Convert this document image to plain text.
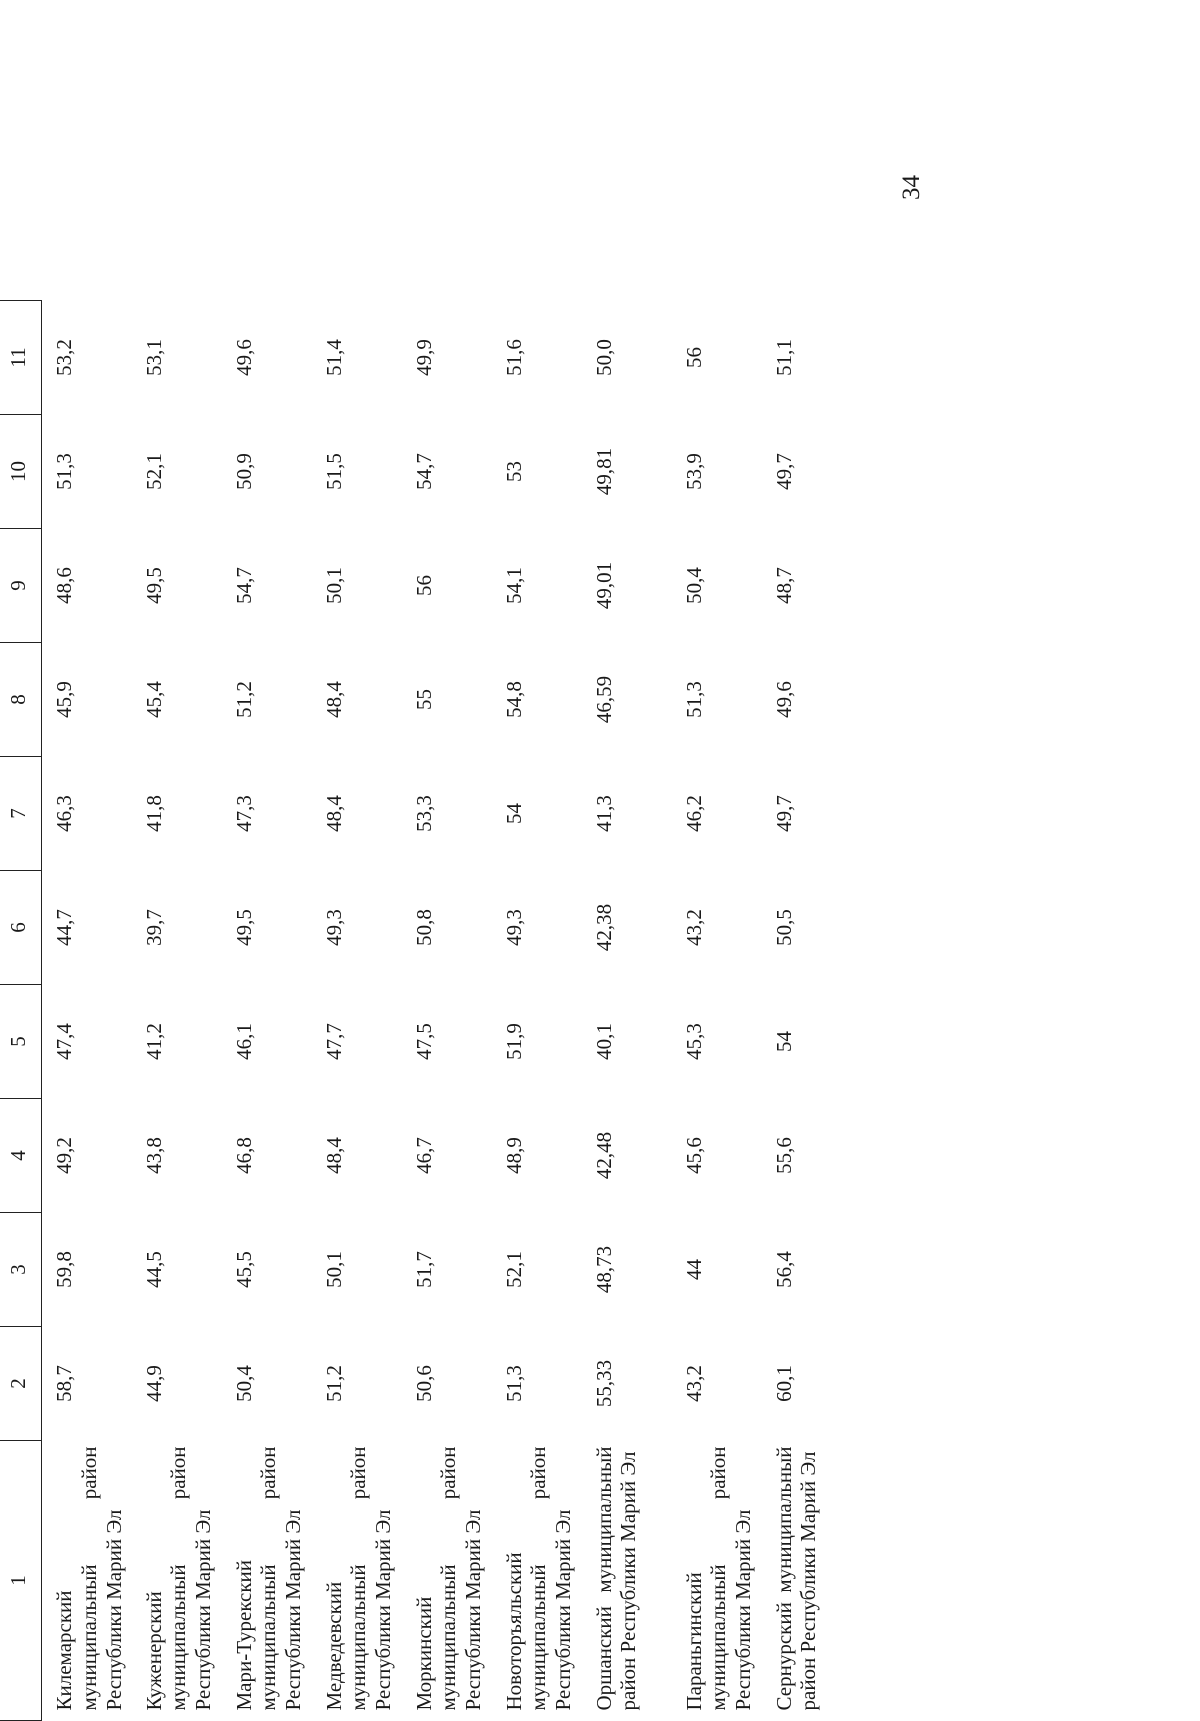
34
1	2	3	4	5	6	7	8	9	10	11
Килемарский муниципальный район Республики Марий Эл	58,7	59,8	49,2	47,4	44,7	46,3	45,9	48,6	51,3	53,2
Куженерский муниципальный район Республики Марий Эл	44,9	44,5	43,8	41,2	39,7	41,8	45,4	49,5	52,1	53,1
Мари-Турекский муниципальный район Республики Марий Эл	50,4	45,5	46,8	46,1	49,5	47,3	51,2	54,7	50,9	49,6
Медведевский муниципальный район Республики Марий Эл	51,2	50,1	48,4	47,7	49,3	48,4	48,4	50,1	51,5	51,4
Моркинский муниципальный район Республики Марий Эл	50,6	51,7	46,7	47,5	50,8	53,3	55	56	54,7	49,9
Новоторъяльский муниципальный район Республики Марий Эл	51,3	52,1	48,9	51,9	49,3	54	54,8	54,1	53	51,6
Оршанский муниципальный район Республики Марий Эл	55,33	48,73	42,48	40,1	42,38	41,3	46,59	49,01	49,81	50,0
Параньгинский муниципальный район Республики Марий Эл	43,2	44	45,6	45,3	43,2	46,2	51,3	50,4	53,9	56
Сернурский муниципальный район Республики Марий Эл	60,1	56,4	55,6	54	50,5	49,7	49,6	48,7	49,7	51,1
